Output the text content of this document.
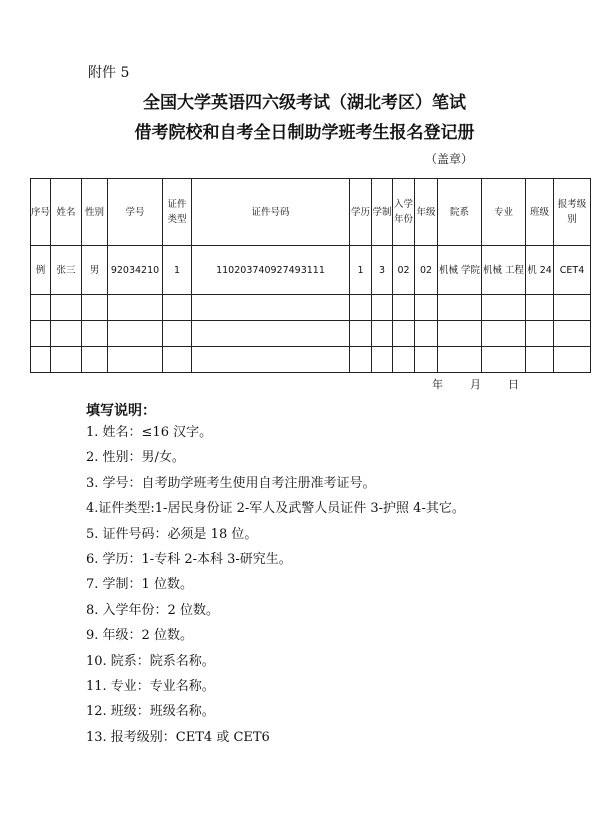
附件 5
全国大学英语四六级考试（湖北考区）笔试
借考院校和自考全日制助学班考生报名登记册
（盖章）
序号	姓名	性别	学号	证件类型	证件号码	学历	学制	入学年份	年级	院系	专业	班级	报考级别
例	张三	男	92034210	1	110203740927493111	1	3	02	02	机械 学院	机械 工程	机 24	CET4

年 月 日
填写说明：
1. 姓名：≤16 汉字。
2. 性别：男/女。
3. 学号：自考助学班考生使用自考注册准考证号。
4.证件类型:1-居民身份证 2-军人及武警人员证件 3-护照 4-其它。
5. 证件号码：必须是 18 位。
6. 学历：1-专科 2-本科 3-研究生。
7. 学制：1 位数。
8. 入学年份：2 位数。
9. 年级：2 位数。
10. 院系：院系名称。
11. 专业：专业名称。
12. 班级：班级名称。
13. 报考级别：CET4 或 CET6
